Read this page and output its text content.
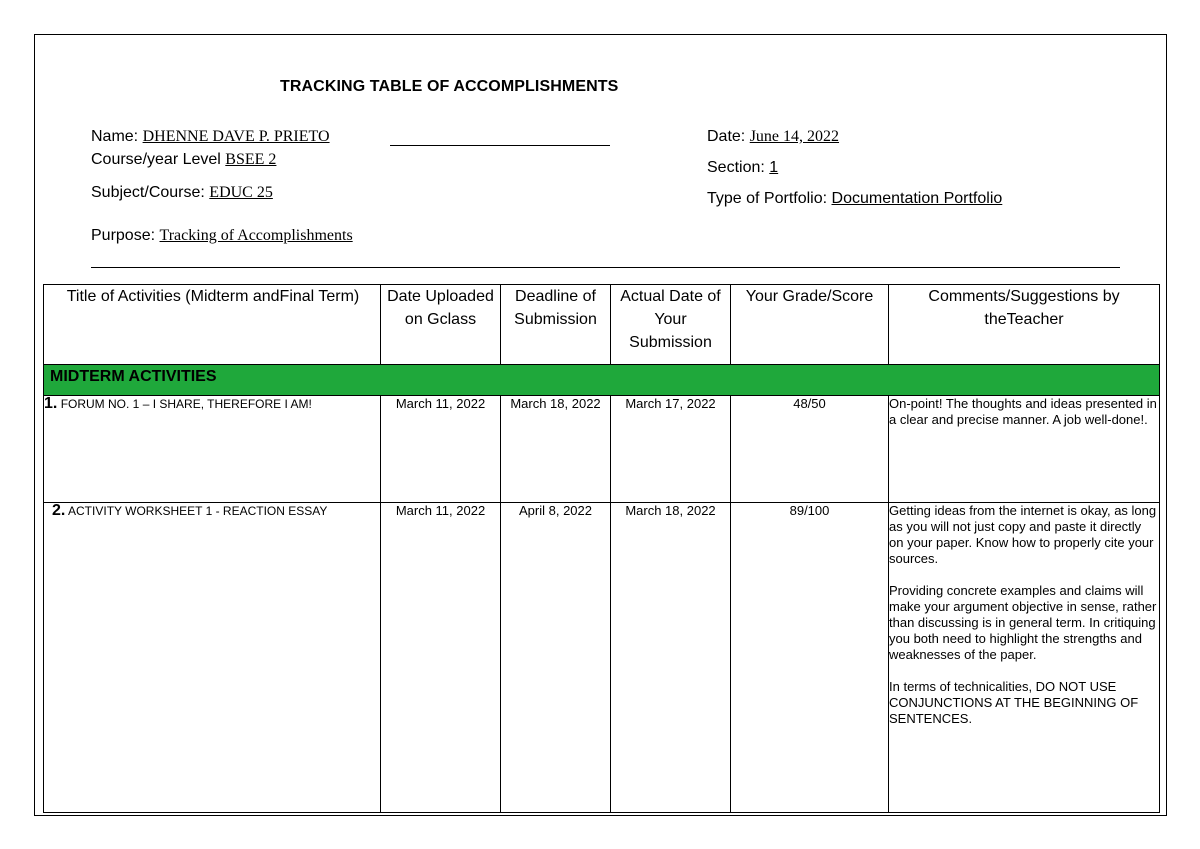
TRACKING TABLE OF ACCOMPLISHMENTS
Name: DHENNE DAVE P. PRIETO
Course/year Level BSEE 2
Subject/Course: EDUC 25
Purpose: Tracking of Accomplishments
Date: June 14, 2022
Section: 1
Type of Portfolio: Documentation Portfolio
Title of Activities (Midterm andFinal Term)	Date Uploaded on Gclass	Deadline of Submission	Actual Date of Your Submission	Your Grade/Score	Comments/Suggestions by theTeacher
MIDTERM ACTIVITIES					
1. FORUM NO. 1 – I SHARE, THEREFORE I AM!	March 11, 2022	March 18, 2022	March 17, 2022	48/50	On-point! The thoughts and ideas presented in a clear and precise manner. A job well-done!.

2. ACTIVITY WORKSHEET 1 - REACTION ESSAY	March 11, 2022	April 8, 2022	March 18, 2022	89/100	Getting ideas from the internet is okay, as long as you will not just copy and paste it directly on your paper. Know how to properly cite your sources.

Providing concrete examples and claims will make your argument objective in sense, rather than discussing is in general term. In critiquing you both need to highlight the strengths and weaknesses of the paper.

In terms of technicalities, DO NOT USE CONJUNCTIONS AT THE BEGINNING OF SENTENCES.
